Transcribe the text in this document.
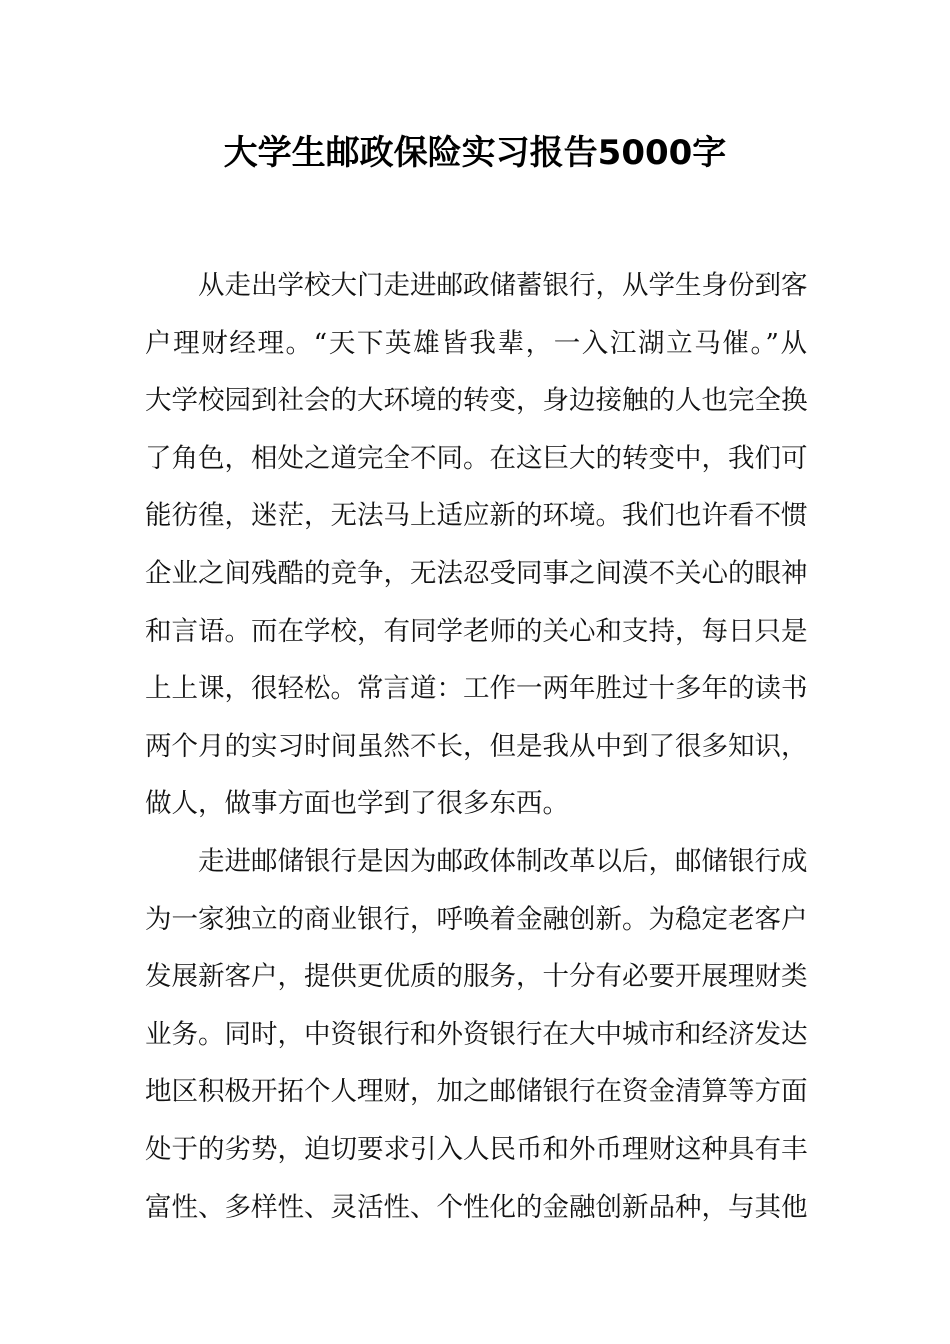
大学生邮政保险实习报告5000字

从走出学校大门走进邮政储蓄银行，从学生身份到客
户理财经理。“天下英雄皆我辈，一入江湖立马催。”从
大学校园到社会的大环境的转变，身边接触的人也完全换
了角色，相处之道完全不同。在这巨大的转变中，我们可
能彷徨，迷茫，无法马上适应新的环境。我们也许看不惯
企业之间残酷的竞争，无法忍受同事之间漠不关心的眼神
和言语。而在学校，有同学老师的关心和支持，每日只是
上上课，很轻松。常言道：工作一两年胜过十多年的读书
两个月的实习时间虽然不长，但是我从中到了很多知识，
做人，做事方面也学到了很多东西。

走进邮储银行是因为邮政体制改革以后，邮储银行成
为一家独立的商业银行，呼唤着金融创新。为稳定老客户
发展新客户，提供更优质的服务，十分有必要开展理财类
业务。同时，中资银行和外资银行在大中城市和经济发达
地区积极开拓个人理财，加之邮储银行在资金清算等方面
处于的劣势，迫切要求引入人民币和外币理财这种具有丰
富性、多样性、灵活性、个性化的金融创新品种，与其他
